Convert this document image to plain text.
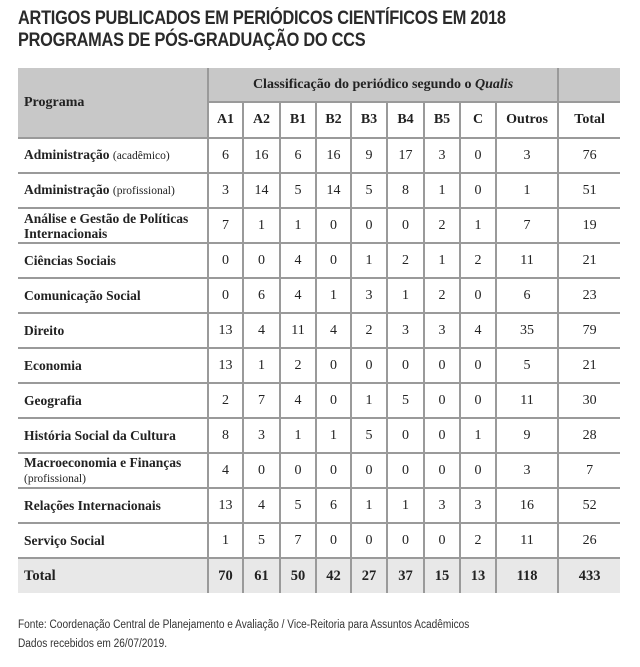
ARTIGOS PUBLICADOS EM PERIÓDICOS CIENTÍFICOS EM 2018
PROGRAMAS DE PÓS-GRADUAÇÃO DO CCS
Programa	Classificação do periódico segundo o Qualis									
	A1	A2	B1	B2	B3	B4	B5	C	Outros	Total
Administração (acadêmico)	6	16	6	16	9	17	3	0	3	76
Administração (profissional)	3	14	5	14	5	8	1	0	1	51
Análise e Gestão de Políticas Internacionais	7	1	1	0	0	0	2	1	7	19
Ciências Sociais	0	0	4	0	1	2	1	2	11	21
Comunicação Social	0	6	4	1	3	1	2	0	6	23
Direito	13	4	11	4	2	3	3	4	35	79
Economia	13	1	2	0	0	0	0	0	5	21
Geografia	2	7	4	0	1	5	0	0	11	30
História Social da Cultura	8	3	1	1	5	0	0	1	9	28
Macroeconomia e Finanças
(profissional)	4	0	0	0	0	0	0	0	3	7
Relações Internacionais	13	4	5	6	1	1	3	3	16	52
Serviço Social	1	5	7	0	0	0	0	2	11	26
Total	70	61	50	42	27	37	15	13	118	433
Fonte: Coordenação Central de Planejamento e Avaliação / Vice-Reitoria para Assuntos Acadêmicos
Dados recebidos em 26/07/2019.
